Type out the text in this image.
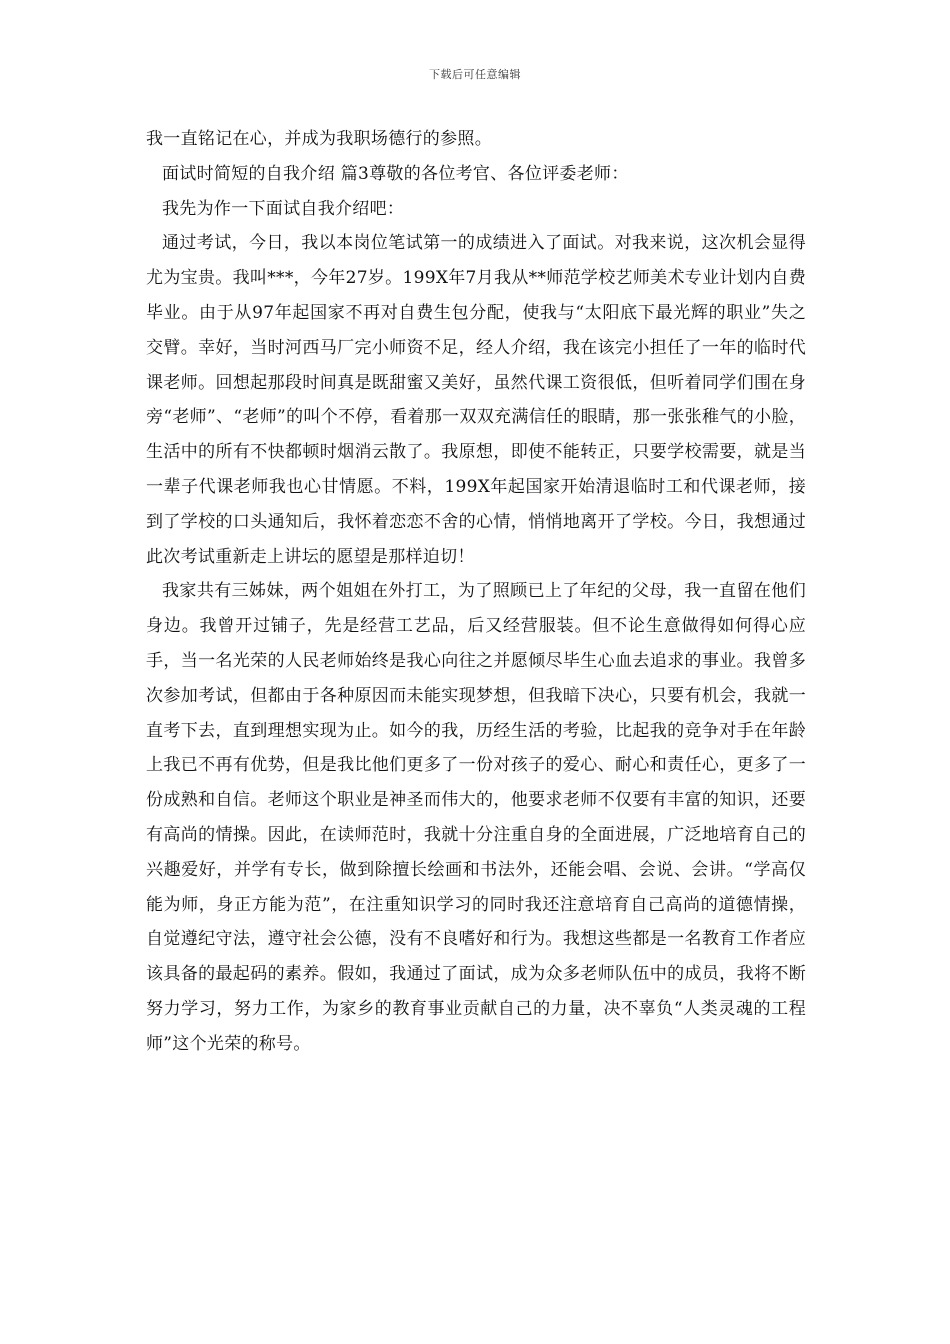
下载后可任意编辑

我一直铭记在心，并成为我职场德行的参照。

面试时简短的自我介绍 篇3尊敬的各位考官、各位评委老师：

我先为作一下面试自我介绍吧：

通过考试，今日，我以本岗位笔试第一的成绩进入了面试。对我来说，这次机会显得尤为宝贵。我叫***，今年27岁。199X年7月我从**师范学校艺师美术专业计划内自费毕业。由于从97年起国家不再对自费生包分配，使我与“太阳底下最光辉的职业”失之交臂。幸好，当时河西马厂完小师资不足，经人介绍，我在该完小担任了一年的临时代课老师。回想起那段时间真是既甜蜜又美好，虽然代课工资很低，但听着同学们围在身旁“老师”、“老师”的叫个不停，看着那一双双充满信任的眼睛，那一张张稚气的小脸，生活中的所有不快都顿时烟消云散了。我原想，即使不能转正，只要学校需要，就是当一辈子代课老师我也心甘情愿。不料，199X年起国家开始清退临时工和代课老师，接到了学校的口头通知后，我怀着恋恋不舍的心情，悄悄地离开了学校。今日，我想通过此次考试重新走上讲坛的愿望是那样迫切！

我家共有三姊妹，两个姐姐在外打工，为了照顾已上了年纪的父母，我一直留在他们身边。我曾开过铺子，先是经营工艺品，后又经营服装。但不论生意做得如何得心应手，当一名光荣的人民老师始终是我心向往之并愿倾尽毕生心血去追求的事业。我曾多次参加考试，但都由于各种原因而未能实现梦想，但我暗下决心，只要有机会，我就一直考下去，直到理想实现为止。如今的我，历经生活的考验，比起我的竞争对手在年龄上我已不再有优势，但是我比他们更多了一份对孩子的爱心、耐心和责任心，更多了一份成熟和自信。老师这个职业是神圣而伟大的，他要求老师不仅要有丰富的知识，还要有高尚的情操。因此，在读师范时，我就十分注重自身的全面进展，广泛地培育自己的兴趣爱好，并学有专长，做到除擅长绘画和书法外，还能会唱、会说、会讲。“学高仅能为师，身正方能为范”，在注重知识学习的同时我还注意培育自己高尚的道德情操，自觉遵纪守法，遵守社会公德，没有不良嗜好和行为。我想这些都是一名教育工作者应该具备的最起码的素养。假如，我通过了面试，成为众多老师队伍中的成员，我将不断努力学习，努力工作，为家乡的教育事业贡献自己的力量，决不辜负“人类灵魂的工程师”这个光荣的称号。
